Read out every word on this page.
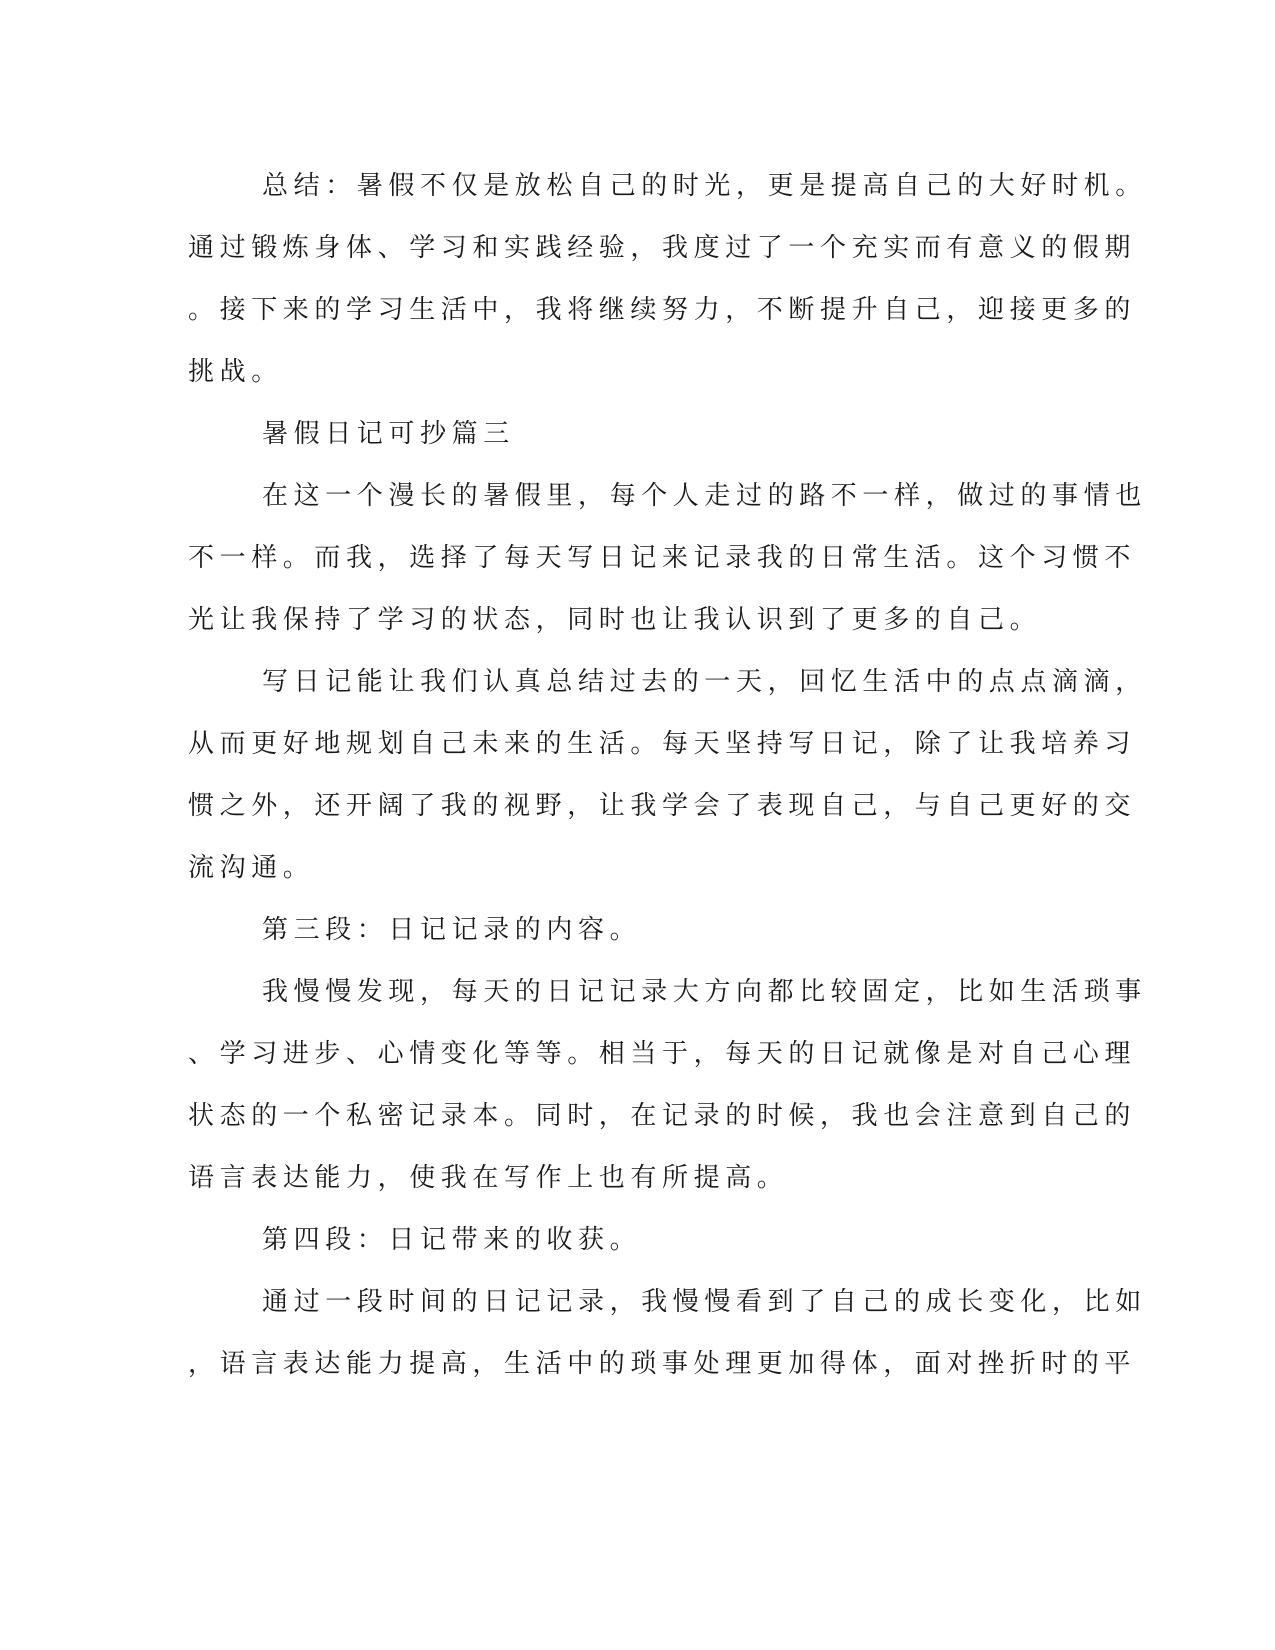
总结：暑假不仅是放松自己的时光，更是提高自己的大好时机。
通过锻炼身体、学习和实践经验，我度过了一个充实而有意义的假期
。接下来的学习生活中，我将继续努力，不断提升自己，迎接更多的
挑战。
暑假日记可抄篇三
在这一个漫长的暑假里，每个人走过的路不一样，做过的事情也
不一样。而我，选择了每天写日记来记录我的日常生活。这个习惯不
光让我保持了学习的状态，同时也让我认识到了更多的自己。
写日记能让我们认真总结过去的一天，回忆生活中的点点滴滴，
从而更好地规划自己未来的生活。每天坚持写日记，除了让我培养习
惯之外，还开阔了我的视野，让我学会了表现自己，与自己更好的交
流沟通。
第三段：日记记录的内容。
我慢慢发现，每天的日记记录大方向都比较固定，比如生活琐事
、学习进步、心情变化等等。相当于，每天的日记就像是对自己心理
状态的一个私密记录本。同时，在记录的时候，我也会注意到自己的
语言表达能力，使我在写作上也有所提高。
第四段：日记带来的收获。
通过一段时间的日记记录，我慢慢看到了自己的成长变化，比如
，语言表达能力提高，生活中的琐事处理更加得体，面对挫折时的平
